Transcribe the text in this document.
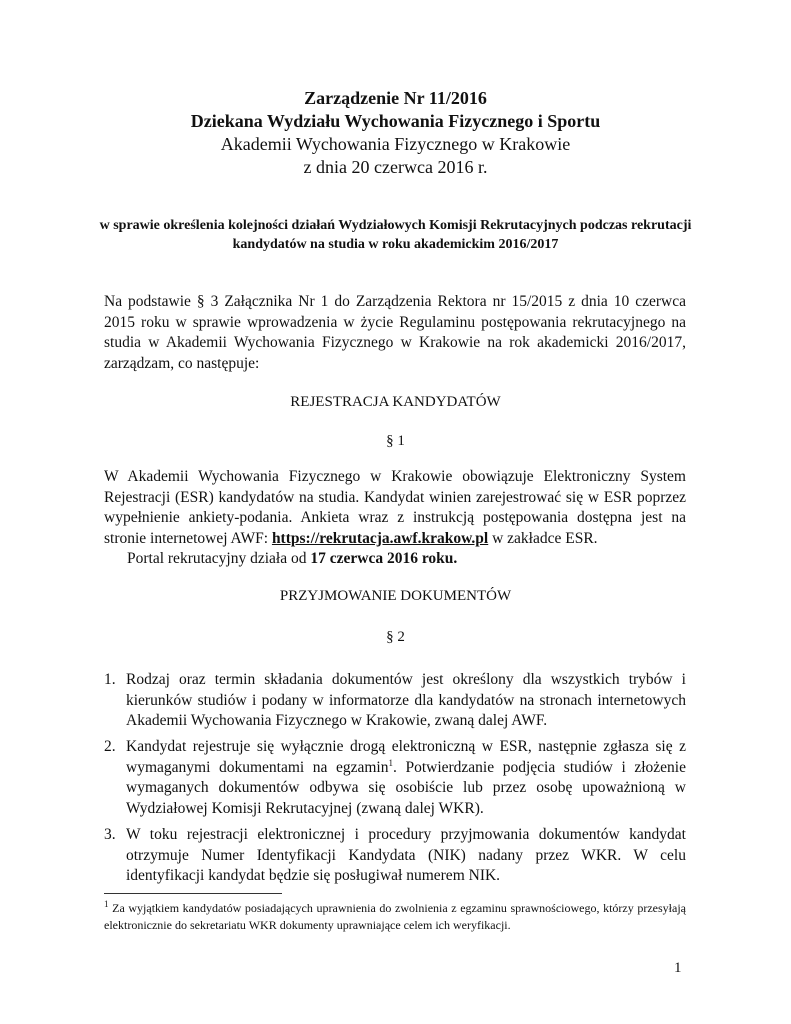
Zarządzenie Nr 11/2016
Dziekana Wydziału Wychowania Fizycznego i Sportu
Akademii Wychowania Fizycznego w Krakowie
z dnia 20 czerwca 2016 r.
w sprawie określenia kolejności działań Wydziałowych Komisji Rekrutacyjnych podczas rekrutacji kandydatów na studia w roku akademickim 2016/2017
Na podstawie § 3 Załącznika Nr 1 do Zarządzenia Rektora nr 15/2015 z dnia 10 czerwca 2015 roku w sprawie wprowadzenia w życie Regulaminu postępowania rekrutacyjnego na studia w Akademii Wychowania Fizycznego w Krakowie na rok akademicki 2016/2017, zarządzam, co następuje:
REJESTRACJA KANDYDATÓW
§ 1
W Akademii Wychowania Fizycznego w Krakowie obowiązuje Elektroniczny System Rejestracji (ESR) kandydatów na studia. Kandydat winien zarejestrować się w ESR poprzez wypełnienie ankiety-podania. Ankieta wraz z instrukcją postępowania dostępna jest na stronie internetowej AWF: https://rekrutacja.awf.krakow.pl w zakładce ESR.
Portal rekrutacyjny działa od 17 czerwca 2016 roku.
PRZYJMOWANIE DOKUMENTÓW
§ 2
1. Rodzaj oraz termin składania dokumentów jest określony dla wszystkich trybów i kierunków studiów i podany w informatorze dla kandydatów na stronach internetowych Akademii Wychowania Fizycznego w Krakowie, zwaną dalej AWF.
2. Kandydat rejestruje się wyłącznie drogą elektroniczną w ESR, następnie zgłasza się z wymaganymi dokumentami na egzamin$^1$. Potwierdzanie podjęcia studiów i złożenie wymaganych dokumentów odbywa się osobiście lub przez osobę upoważnioną w Wydziałowej Komisji Rekrutacyjnej (zwaną dalej WKR).
3. W toku rejestracji elektronicznej i procedury przyjmowania dokumentów kandydat otrzymuje Numer Identyfikacji Kandydata (NIK) nadany przez WKR. W celu identyfikacji kandydat będzie się posługiwał numerem NIK.
$^1$ Za wyjątkiem kandydatów posiadających uprawnienia do zwolnienia z egzaminu sprawnościowego, którzy przesyłają elektronicznie do sekretariatu WKR dokumenty uprawniające celem ich weryfikacji.
1
